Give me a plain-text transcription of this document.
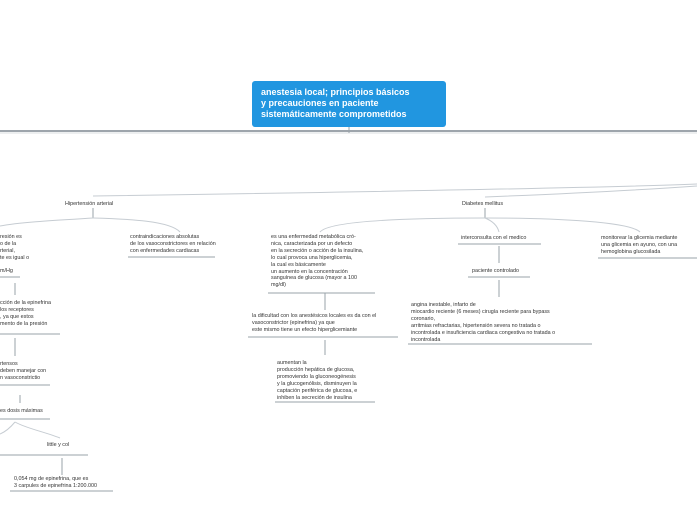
anestesia local; principios básicos
y precauciones en paciente
sistemáticamente comprometidos
Hipertensión arterial
resión es
o de la
rterial,
te es igual o
m/Hg
cción de la epinefrina
los receptores
, ya que estos
mento de la presión
rtensos
deben manejar con
n vasoconstrictio
es dosis máximas
contraindicaciones absolutas
de los vasoconstrictores en relación
con enfermedades cardiacas
little y col
0,054 mg de epinefrina, que es
3 carpules de epinefrina 1:200.000
Diabetes mellitus
es una enfermedad metabólica cró-
nica, caracterizada por un defecto
en la secreción o acción de la insulina,
lo cual provoca una hiperglicemia,
la cual es básicamente
un aumento en la concentración
sanguínea de glucosa (mayor a 100
mg/dl)
la dificultad con los anestésicos locales es da con el
vasoconstrictor (epinefrina) ya que
este mismo tiene un efecto hiperglicemiante
aumentan la
producción hepática de glucosa,
promoviendo la gluconeogénesis
y la glucogenólisis, disminuyen la
captación periférica de glucosa, e
inhiben la secreción de insulina
interconsulta con el medico
paciente controlado
angina inestable, infarto de
miocardio reciente (6 meses) cirugía reciente para bypass
coronario,
arritmias refractarias, hipertensión severa no tratada o
incontrolada e insuficiencia cardiaca congestiva no tratada o
incontrolada
monitorear la glicemia mediante
una glicemia en ayuno, con una
hemoglobina glucosilada
